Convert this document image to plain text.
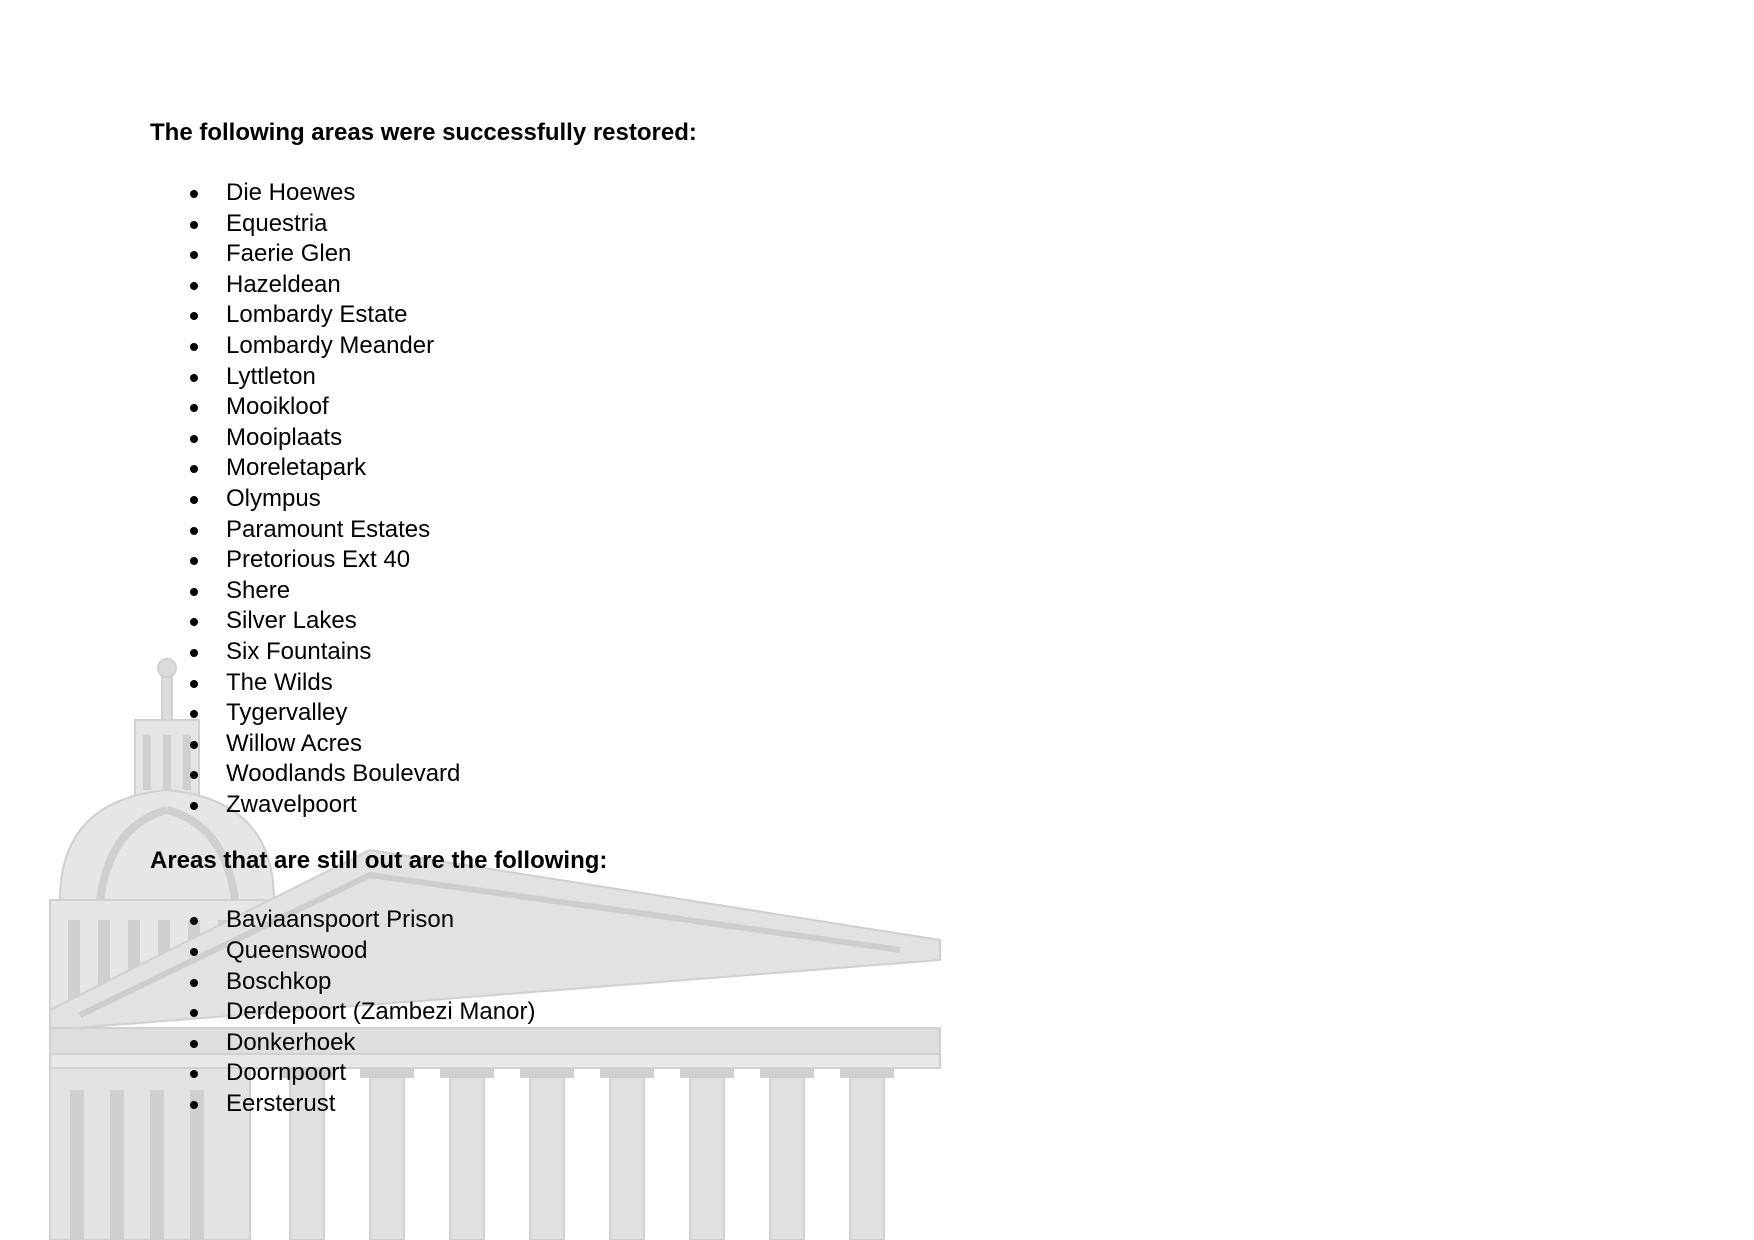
The following areas were successfully restored:

Die Hoewes
Equestria
Faerie Glen
Hazeldean
Lombardy Estate
Lombardy Meander
Lyttleton
Mooikloof
Mooiplaats
Moreletapark
Olympus
Paramount Estates
Pretorious Ext 40
Shere
Silver Lakes
Six Fountains
The Wilds
Tygervalley
Willow Acres
Woodlands Boulevard
Zwavelpoort

Areas that are still out are the following:

Baviaanspoort Prison
Queenswood
Boschkop
Derdepoort (Zambezi Manor)
Donkerhoek
Doornpoort
Eersterust
